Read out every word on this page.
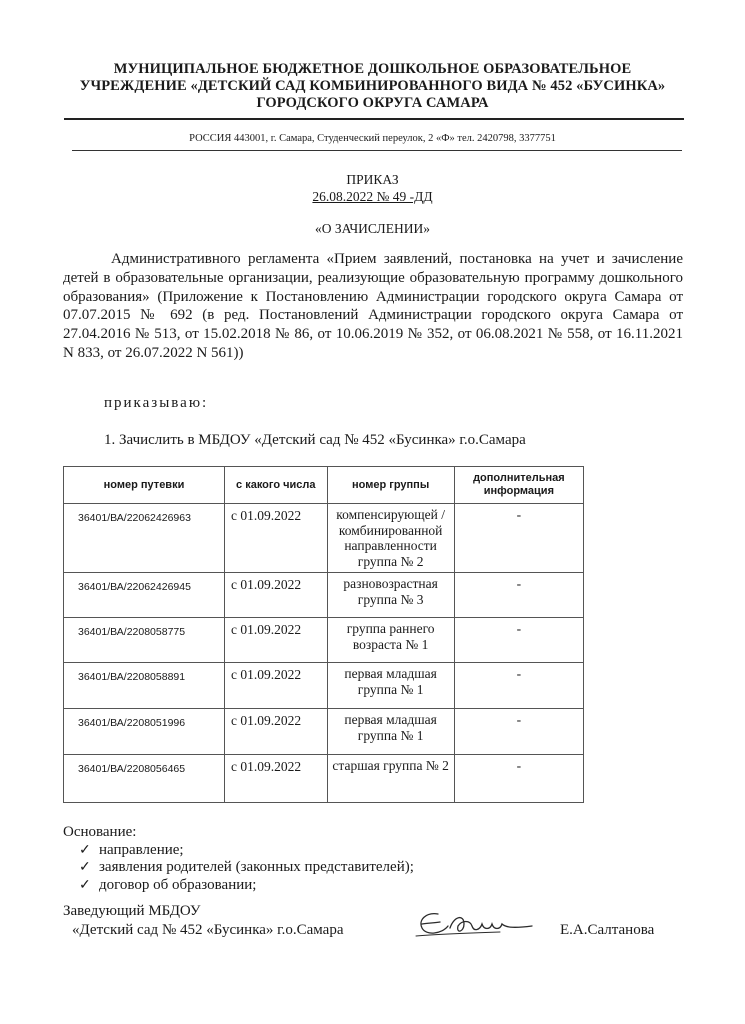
МУНИЦИПАЛЬНОЕ БЮДЖЕТНОЕ ДОШКОЛЬНОЕ ОБРАЗОВАТЕЛЬНОЕ
УЧРЕЖДЕНИЕ «ДЕТСКИЙ САД КОМБИНИРОВАННОГО ВИДА № 452 «БУСИНКА»
ГОРОДСКОГО ОКРУГА САМАРА
РОССИЯ 443001, г. Самара, Студенческий переулок, 2 «Ф» тел. 2420798, 3377751
ПРИКАЗ
26.08.2022 № 49 -ДД
«О ЗАЧИСЛЕНИИ»
Административного регламента «Прием заявлений, постановка на учет и зачисление детей в образовательные организации, реализующие образовательную программу дошкольного образования» (Приложение к Постановлению Администрации городского округа Самара от 07.07.2015 № 692 (в ред. Постановлений Администрации городского округа Самара от 27.04.2016 № 513, от 15.02.2018 № 86, от 10.06.2019 № 352, от 06.08.2021 № 558, от 16.11.2021 N 833, от 26.07.2022 N 561))
приказываю:
1. Зачислить в МБДОУ «Детский сад № 452 «Бусинка» г.о.Самара
номер путевки	с какого числа	номер группы	дополнительная информация
36401/ВА/22062426963	с 01.09.2022	компенсирующей /комбинированной направленности группа № 2	-
36401/ВА/22062426945	с 01.09.2022	разновозрастная группа № 3	-
36401/ВА/2208058775	с 01.09.2022	группа раннего возраста № 1	-
36401/ВА/2208058891	с 01.09.2022	первая младшая группа № 1	-
36401/ВА/2208051996	с 01.09.2022	первая младшая группа № 1	-
36401/ВА/2208056465	с 01.09.2022	старшая группа № 2	-
Основание:
✓ направление;
✓ заявления родителей (законных представителей);
✓ договор об образовании;
Заведующий МБДОУ
«Детский сад № 452 «Бусинка» г.о.Самара	Е.А.Салтанова
